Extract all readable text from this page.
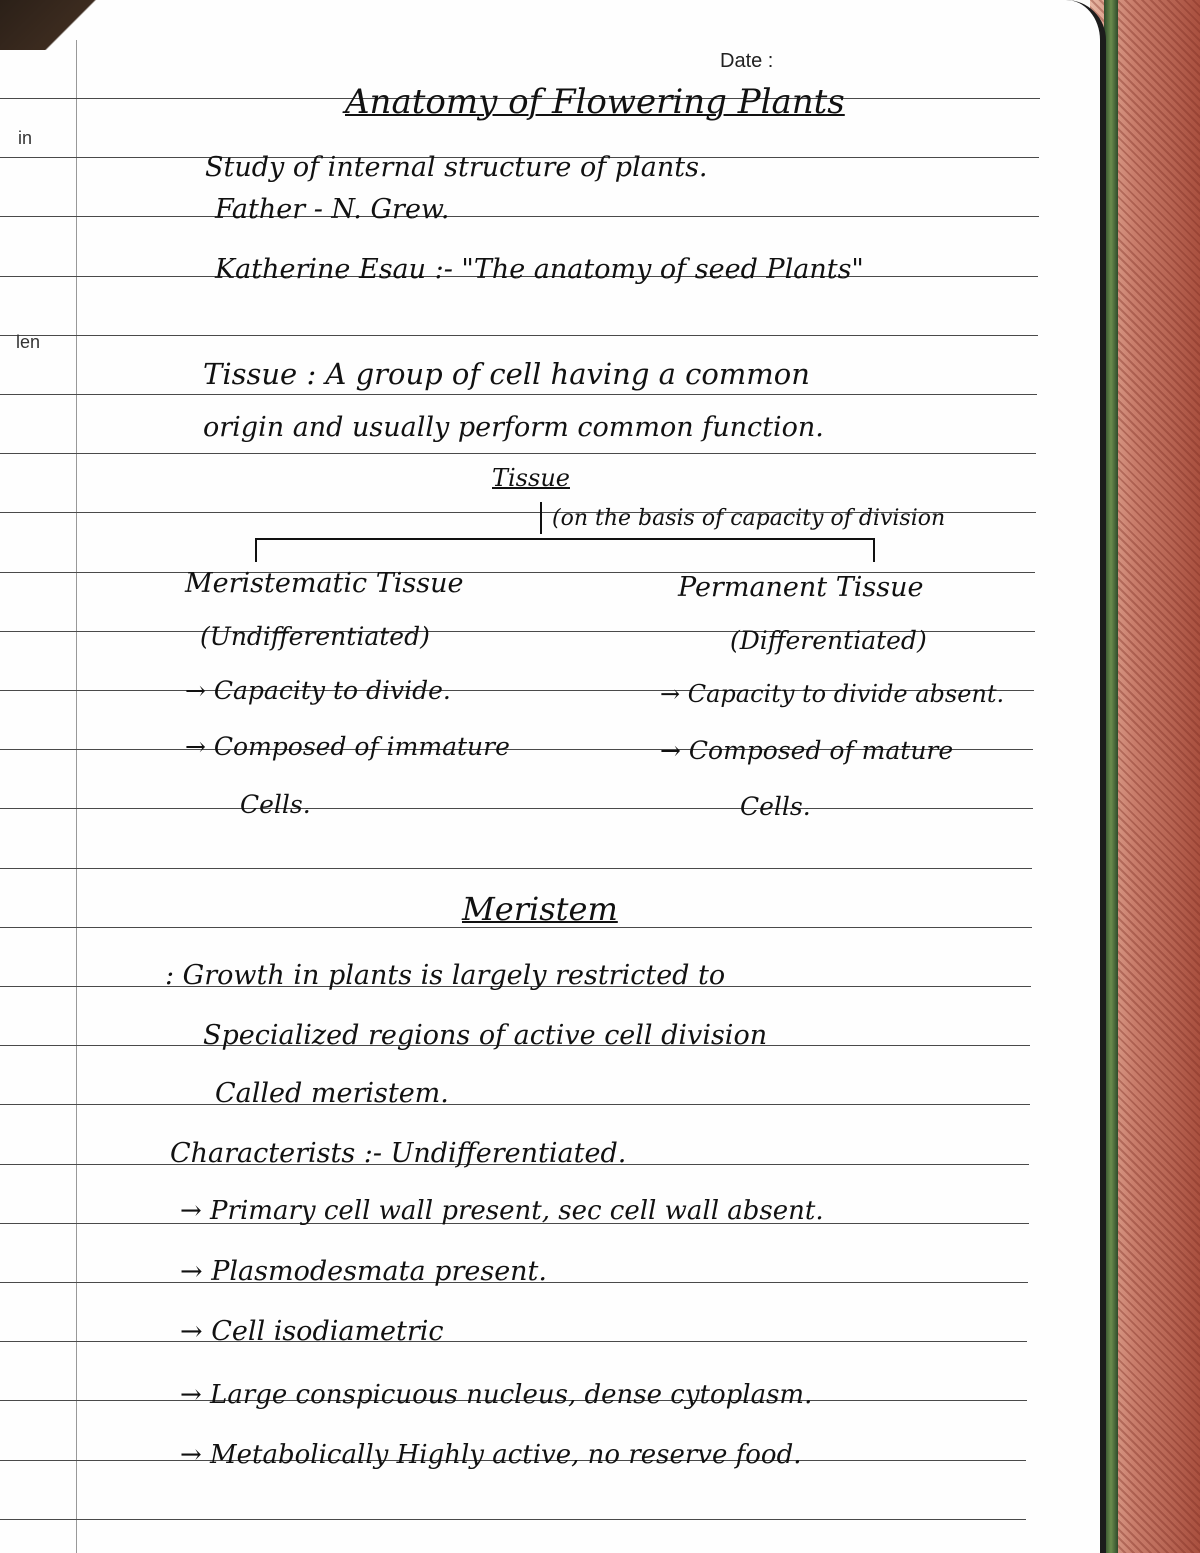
Date :
in
len
Anatomy of Flowering Plants
Study of internal structure of plants.
Father - N. Grew.
Katherine Esau :- "The anatomy of seed Plants"
Tissue : A group of cell having a common
origin and usually perform common function.
Tissue
(on the basis of capacity of division
Meristematic Tissue
(Undifferentiated)
→ Capacity to divide.
→ Composed of immature
Cells.
Permanent Tissue
(Differentiated)
→ Capacity to divide absent.
→ Composed of mature
Cells.
Meristem
: Growth in plants is largely restricted to
Specialized regions of active cell division
Called meristem.
Characterists :- Undifferentiated.
→ Primary cell wall present, sec cell wall absent.
→ Plasmodesmata present.
→ Cell isodiametric
→ Large conspicuous nucleus, dense cytoplasm.
→ Metabolically Highly active, no reserve food.
